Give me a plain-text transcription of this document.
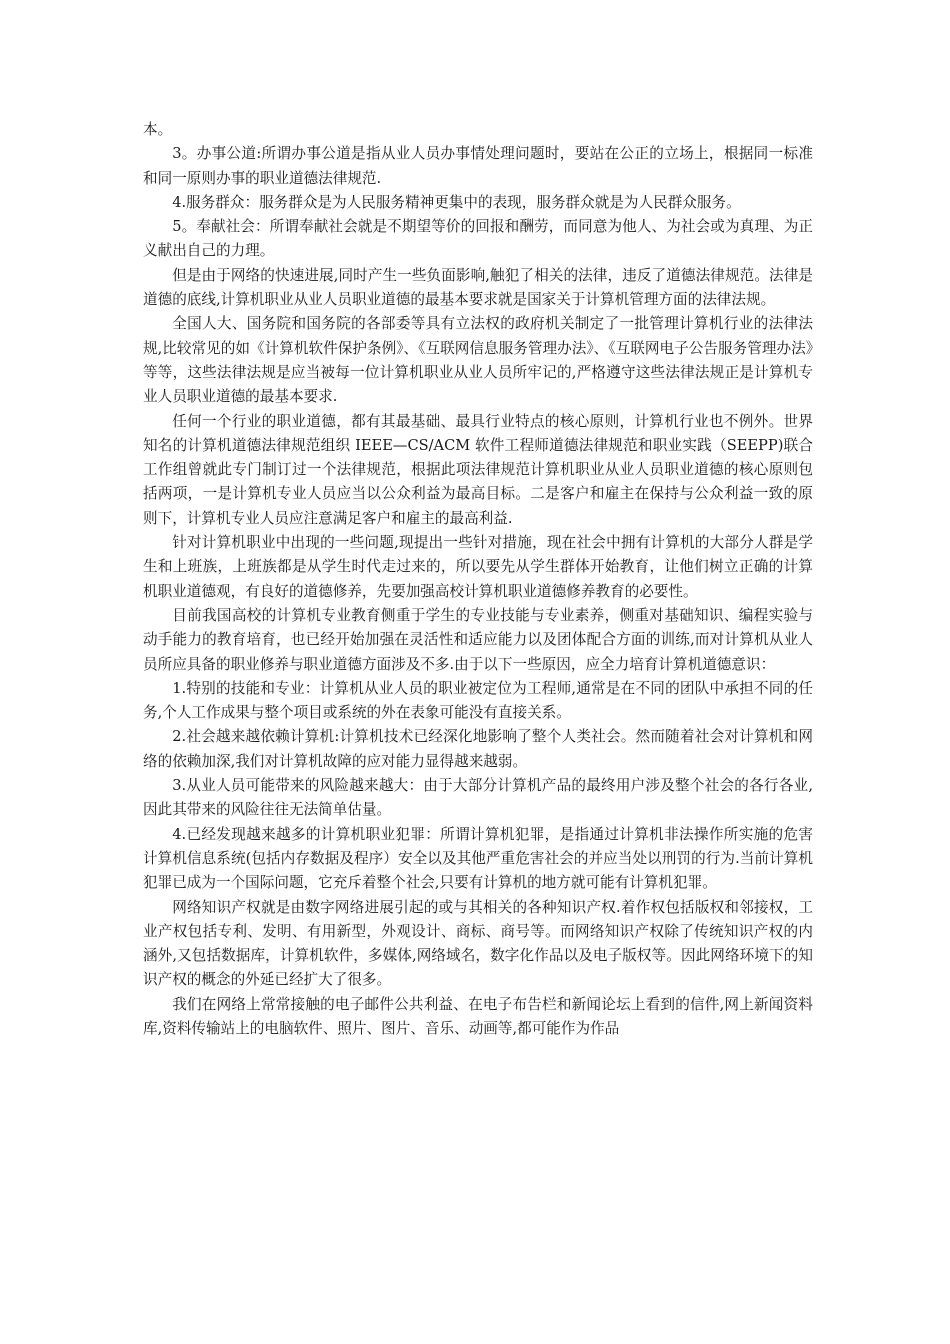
本。

3。办事公道:所谓办事公道是指从业人员办事情处理问题时，要站在公正的立场上，根据同一标准和同一原则办事的职业道德法律规范.

4.服务群众：服务群众是为人民服务精神更集中的表现，服务群众就是为人民群众服务。

5。奉献社会：所谓奉献社会就是不期望等价的回报和酬劳，而同意为他人、为社会或为真理、为正义献出自己的力理。

但是由于网络的快速进展,同时产生一些负面影响,触犯了相关的法律，违反了道德法律规范。法律是道德的底线,计算机职业从业人员职业道德的最基本要求就是国家关于计算机管理方面的法律法规。

全国人大、国务院和国务院的各部委等具有立法权的政府机关制定了一批管理计算机行业的法律法规,比较常见的如《计算机软件保护条例》、《互联网信息服务管理办法》、《互联网电子公告服务管理办法》等等，这些法律法规是应当被每一位计算机职业从业人员所牢记的,严格遵守这些法律法规正是计算机专业人员职业道德的最基本要求.

任何一个行业的职业道德，都有其最基础、最具行业特点的核心原则，计算机行业也不例外。世界知名的计算机道德法律规范组织 IEEE—CS/ACM 软件工程师道德法律规范和职业实践（SEEPP)联合工作组曾就此专门制订过一个法律规范，根据此项法律规范计算机职业从业人员职业道德的核心原则包括两项，一是计算机专业人员应当以公众利益为最高目标。二是客户和雇主在保持与公众利益一致的原则下，计算机专业人员应注意满足客户和雇主的最高利益.

针对计算机职业中出现的一些问题,现提出一些针对措施，现在社会中拥有计算机的大部分人群是学生和上班族，上班族都是从学生时代走过来的，所以要先从学生群体开始教育，让他们树立正确的计算机职业道德观，有良好的道德修养，先要加强高校计算机职业道德修养教育的必要性。

目前我国高校的计算机专业教育侧重于学生的专业技能与专业素养，侧重对基础知识、编程实验与动手能力的教育培育，也已经开始加强在灵活性和适应能力以及团体配合方面的训练,而对计算机从业人员所应具备的职业修养与职业道德方面涉及不多.由于以下一些原因，应全力培育计算机道德意识：

1.特别的技能和专业：计算机从业人员的职业被定位为工程师,通常是在不同的团队中承担不同的任务,个人工作成果与整个项目或系统的外在表象可能没有直接关系。

2.社会越来越依赖计算机:计算机技术已经深化地影响了整个人类社会。然而随着社会对计算机和网络的依赖加深,我们对计算机故障的应对能力显得越来越弱。

3.从业人员可能带来的风险越来越大：由于大部分计算机产品的最终用户涉及整个社会的各行各业,因此其带来的风险往往无法简单估量。

4.已经发现越来越多的计算机职业犯罪：所谓计算机犯罪，是指通过计算机非法操作所实施的危害计算机信息系统(包括内存数据及程序）安全以及其他严重危害社会的并应当处以刑罚的行为.当前计算机犯罪已成为一个国际问题，它充斥着整个社会,只要有计算机的地方就可能有计算机犯罪。

网络知识产权就是由数字网络进展引起的或与其相关的各种知识产权.着作权包括版权和邻接权，工业产权包括专利、发明、有用新型，外观设计、商标、商号等。而网络知识产权除了传统知识产权的内涵外,又包括数据库，计算机软件，多媒体,网络域名，数字化作品以及电子版权等。因此网络环境下的知识产权的概念的外延已经扩大了很多。

我们在网络上常常接触的电子邮件公共利益、在电子布告栏和新闻论坛上看到的信件,网上新闻资料库,资料传输站上的电脑软件、照片、图片、音乐、动画等,都可能作为作品
